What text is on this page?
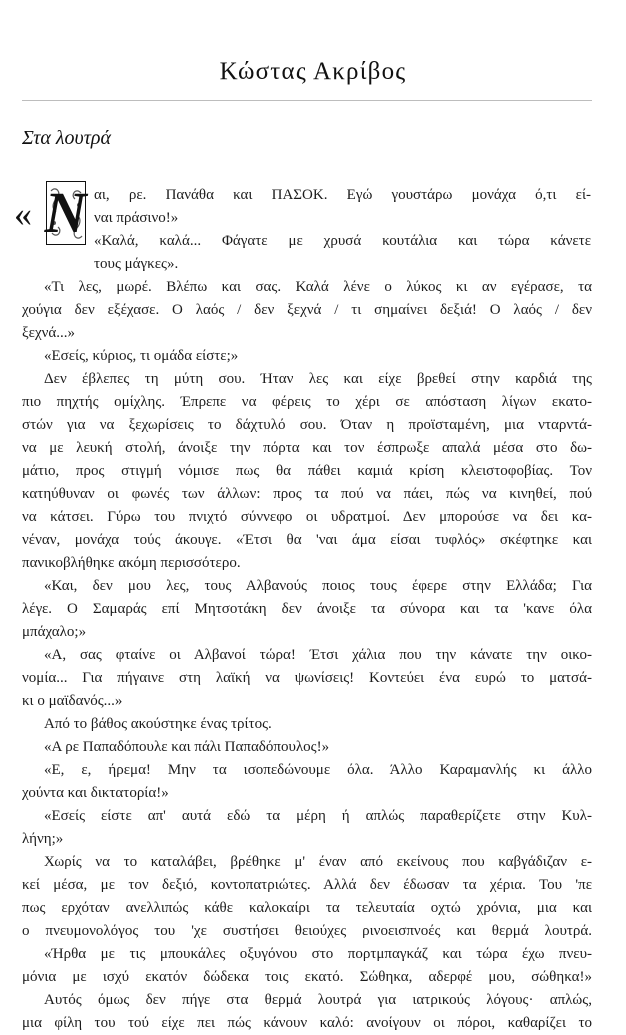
Κώστας Ακρίβος
Στα λουτρά
« N αι, ρε. Πανάθα και ΠΑΣΟΚ. Εγώ γουστάρω μονάχα ό,τι εί-
ναι πράσινο!»
«Καλά, καλά... Φάγατε με χρυσά κουτάλια και τώρα κάνετε
τους μάγκες».
«Τι λες, μωρέ. Βλέπω και σας. Καλά λένε ο λύκος κι αν εγέρασε, τα
χούγια δεν εξέχασε. Ο λαός / δεν ξεχνά / τι σημαίνει δεξιά! Ο λαός / δεν
ξεχνά...»
«Εσείς, κύριος, τι ομάδα είστε;»
Δεν έβλεπες τη μύτη σου. Ήταν λες και είχε βρεθεί στην καρδιά της
πιο πηχτής ομίχλης. Έπρεπε να φέρεις το χέρι σε απόσταση λίγων εκατο-
στών για να ξεχωρίσεις το δάχτυλό σου. Όταν η προϊσταμένη, μια νταρντά-
να με λευκή στολή, άνοιξε την πόρτα και τον έσπρωξε απαλά μέσα στο δω-
μάτιο, προς στιγμή νόμισε πως θα πάθει καμιά κρίση κλειστοφοβίας. Τον
κατηύθυναν οι φωνές των άλλων: προς τα πού να πάει, πώς να κινηθεί, πού
να κάτσει. Γύρω του πνιχτό σύννεφο οι υδρατμοί. Δεν μπορούσε να δει κα-
νέναν, μονάχα τούς άκουγε. «Έτσι θα 'ναι άμα είσαι τυφλός» σκέφτηκε και
πανικοβλήθηκε ακόμη περισσότερο.
«Και, δεν μου λες, τους Αλβανούς ποιος τους έφερε στην Ελλάδα; Για
λέγε. Ο Σαμαράς επί Μητσοτάκη δεν άνοιξε τα σύνορα και τα 'κανε όλα
μπάχαλο;»
«Α, σας φταίνε οι Αλβανοί τώρα! Έτσι χάλια που την κάνατε την οικο-
νομία... Για πήγαινε στη λαϊκή να ψωνίσεις! Κοντεύει ένα ευρώ το ματσά-
κι ο μαϊδανός...»
Από το βάθος ακούστηκε ένας τρίτος.
«Α ρε Παπαδόπουλε και πάλι Παπαδόπουλος!»
«Ε, ε, ήρεμα! Μην τα ισοπεδώνουμε όλα. Άλλο Καραμανλής κι άλλο
χούντα και δικτατορία!»
«Εσείς είστε απ' αυτά εδώ τα μέρη ή απλώς παραθερίζετε στην Κυλ-
λήνη;»
Χωρίς να το καταλάβει, βρέθηκε μ' έναν από εκείνους που καβγάδιζαν ε-
κεί μέσα, με τον δεξιό, κοντοπατριώτες. Αλλά δεν έδωσαν τα χέρια. Του 'πε
πως ερχόταν ανελλιπώς κάθε καλοκαίρι τα τελευταία οχτώ χρόνια, μια και
ο πνευμονολόγος του 'χε συστήσει θειούχες ρινοεισπνοές και θερμά λουτρά.
«Ήρθα με τις μπουκάλες οξυγόνου στο πορτμπαγκάζ και τώρα έχω πνευ-
μόνια με ισχύ εκατόν δώδεκα τοις εκατό. Σώθηκα, αδερφέ μου, σώθηκα!»
Αυτός όμως δεν πήγε στα θερμά λουτρά για ιατρικούς λόγους· απλώς,
μια φίλη του τού είχε πει πώς κάνουν καλό: ανοίγουν οι πόροι, καθαρίζει το
